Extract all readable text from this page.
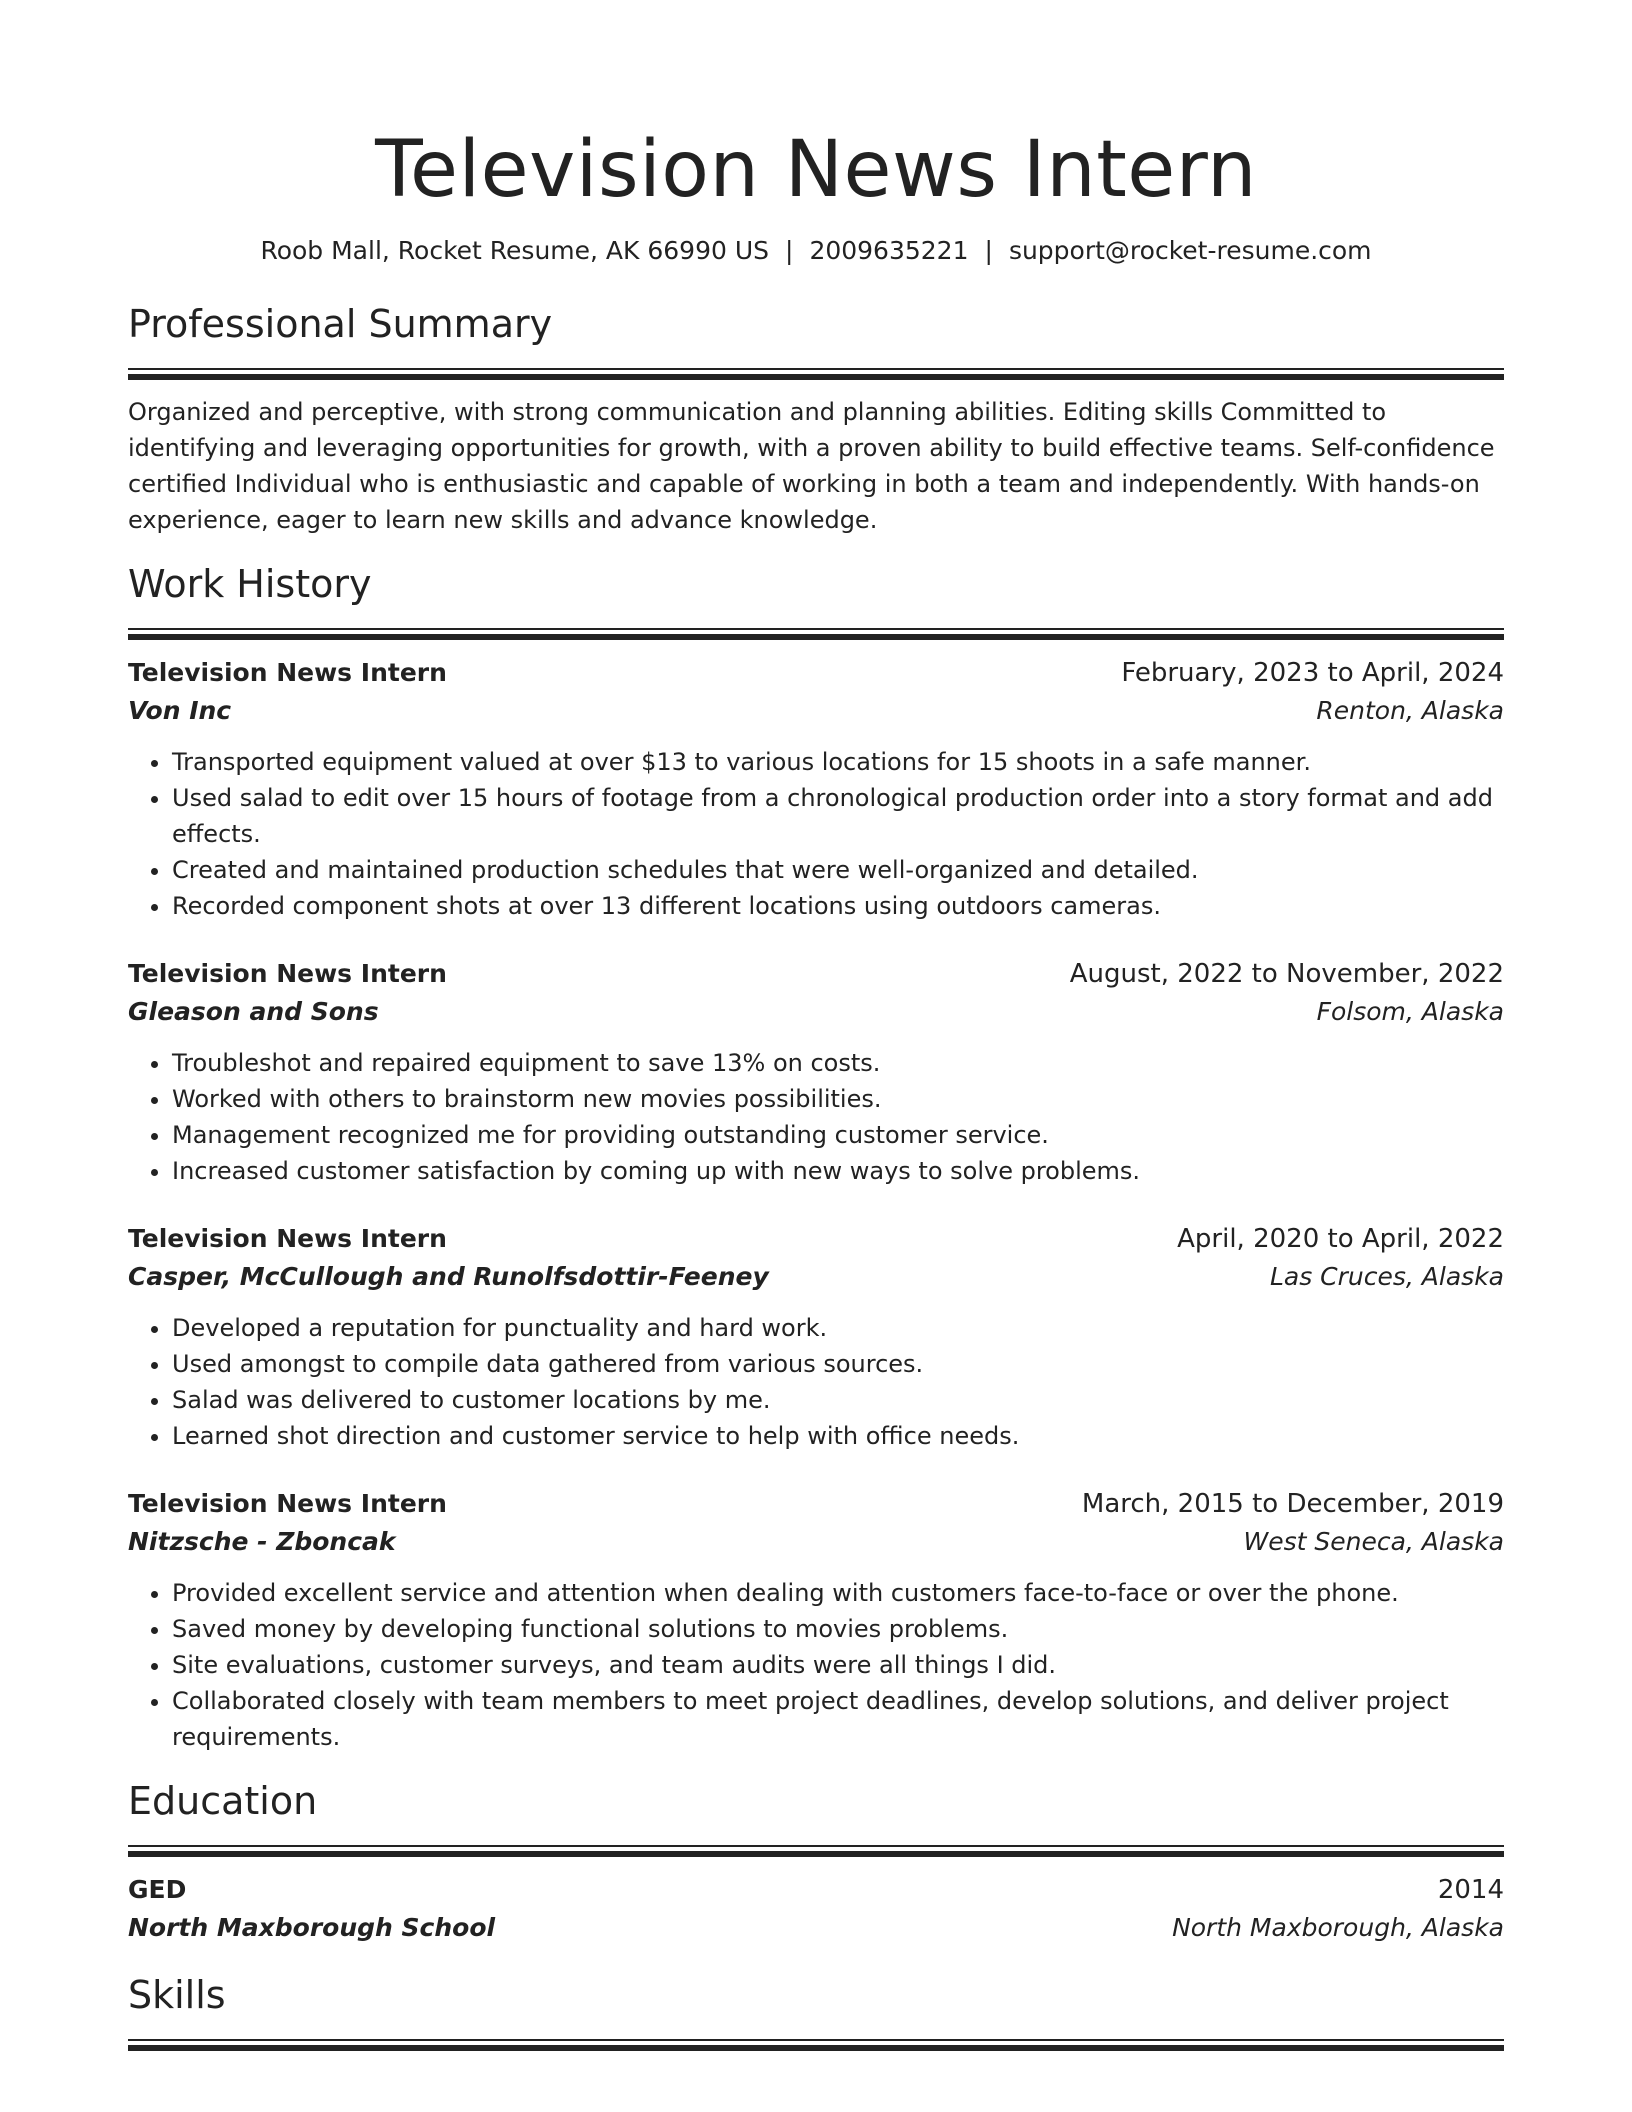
Television News Intern
Roob Mall, Rocket Resume, AK 66990 US | 2009635221 | support@rocket-resume.com
Professional Summary

Organized and perceptive, with strong communication and planning abilities. Editing skills Committed to identifying and leveraging opportunities for growth, with a proven ability to build effective teams. Self-confidence certified Individual who is enthusiastic and capable of working in both a team and independently. With hands-on experience, eager to learn new skills and advance knowledge.

Work History
Television News Intern	February, 2023 to April, 2024
Von Inc	Renton, Alaska
• Transported equipment valued at over $13 to various locations for 15 shoots in a safe manner.
• Used salad to edit over 15 hours of footage from a chronological production order into a story format and add effects.
• Created and maintained production schedules that were well-organized and detailed.
• Recorded component shots at over 13 different locations using outdoors cameras.
Television News Intern	August, 2022 to November, 2022
Gleason and Sons	Folsom, Alaska
• Troubleshot and repaired equipment to save 13% on costs.
• Worked with others to brainstorm new movies possibilities.
• Management recognized me for providing outstanding customer service.
• Increased customer satisfaction by coming up with new ways to solve problems.
Television News Intern	April, 2020 to April, 2022
Casper, McCullough and Runolfsdottir-Feeney	Las Cruces, Alaska
• Developed a reputation for punctuality and hard work.
• Used amongst to compile data gathered from various sources.
• Salad was delivered to customer locations by me.
• Learned shot direction and customer service to help with office needs.
Television News Intern	March, 2015 to December, 2019
Nitzsche - Zboncak	West Seneca, Alaska
• Provided excellent service and attention when dealing with customers face-to-face or over the phone.
• Saved money by developing functional solutions to movies problems.
• Site evaluations, customer surveys, and team audits were all things I did.
• Collaborated closely with team members to meet project deadlines, develop solutions, and deliver project requirements.
Education
GED	2014
North Maxborough School	North Maxborough, Alaska
Skills
